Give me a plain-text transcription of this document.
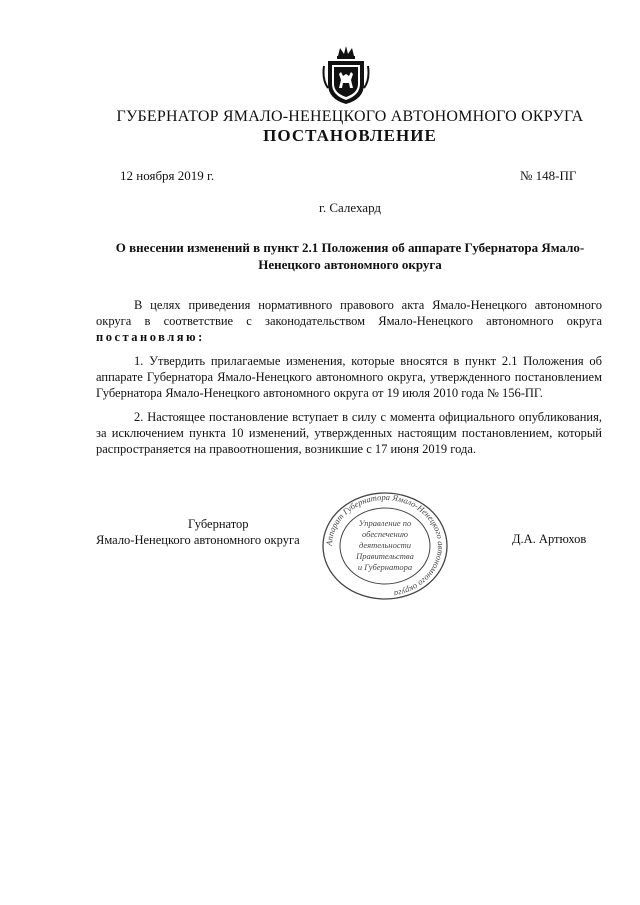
ГУБЕРНАТОР ЯМАЛО-НЕНЕЦКОГО АВТОНОМНОГО ОКРУГА
ПОСТАНОВЛЕНИЕ
12 ноября 2019 г.	№ 148-ПГ
г. Салехард
О внесении изменений в пункт 2.1 Положения об аппарате Губернатора Ямало-Ненецкого автономного округа
В целях приведения нормативного правового акта Ямало-Ненецкого автономного округа в соответствие с законодательством Ямало-Ненецкого автономного округа постановляю:
1. Утвердить прилагаемые изменения, которые вносятся в пункт 2.1 Положения об аппарате Губернатора Ямало-Ненецкого автономного округа, утвержденного постановлением Губернатора Ямало-Ненецкого автономного округа от 19 июля 2010 года № 156-ПГ.
2. Настоящее постановление вступает в силу с момента официального опубликования, за исключением пункта 10 изменений, утвержденных настоящим постановлением, который распространяется на правоотношения, возникшие с 17 июня 2019 года.
Губернатор
Ямало-Ненецкого автономного округа	Аппарат Губернатора Ямало-Ненецкого автономного округа
Управление по
обеспечению
деятельности
Правительства
и Губернатора
Д.А. Артюхов
